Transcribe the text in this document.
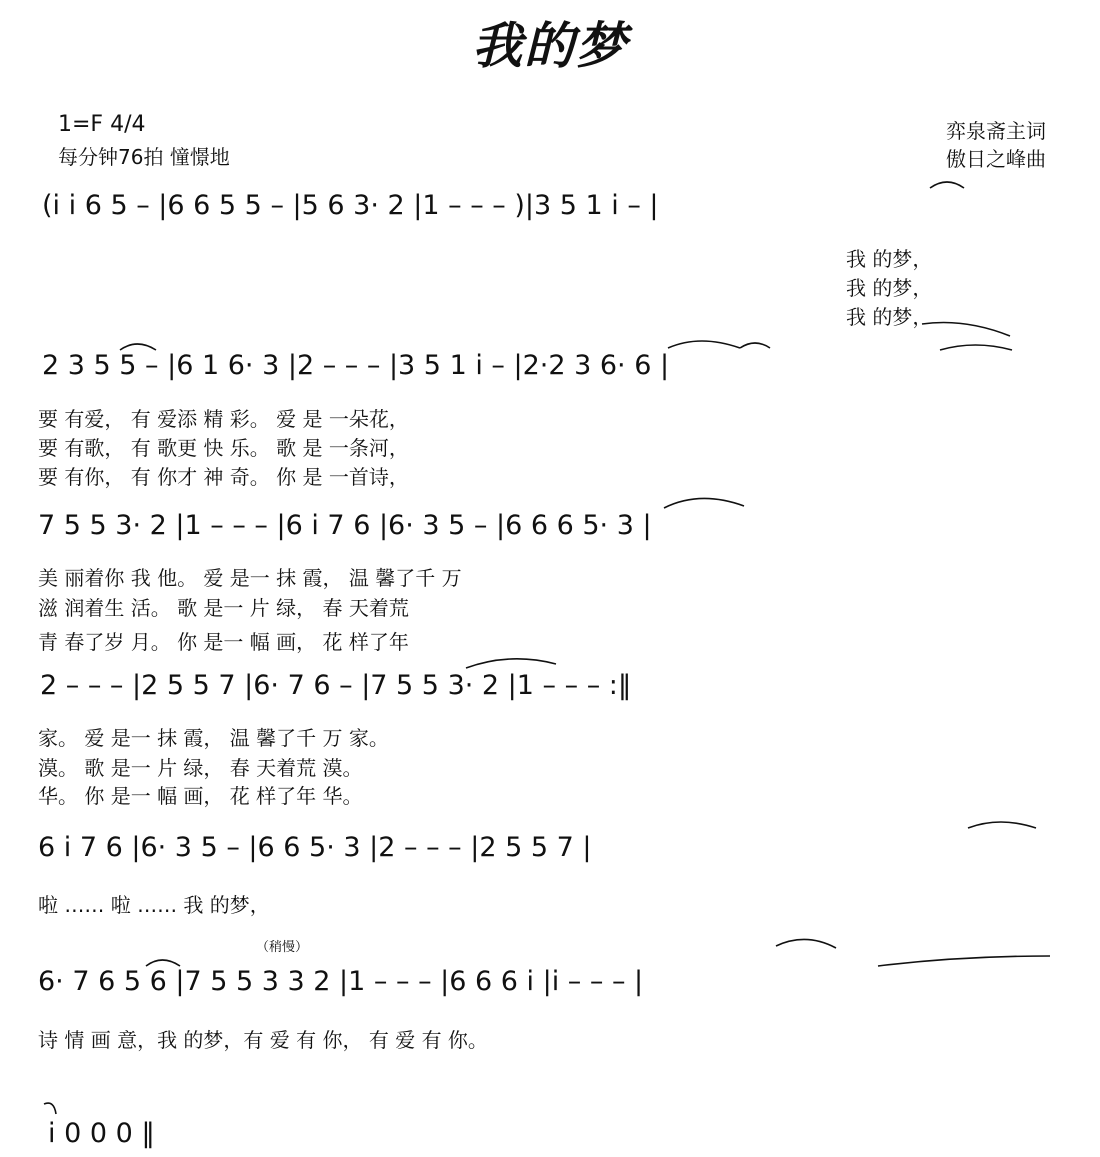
我的梦
1=F 4/4
每分钟76拍 憧憬地
弈泉斋主词
傲日之峰曲
(i i 6 5 – |6 6 5 5 – |5 6 3· 2 |1 – – – )|3 5 1 i – |
我 的梦，
我 的梦，
我 的梦，
2 3 5 5 – |6 1 6· 3 |2 – – – |3 5 1 i – |2·2 3 6· 6 |
要 有爱， 有 爱添 精 彩。 爱 是 一朵花，
要 有歌， 有 歌更 快 乐。 歌 是 一条河，
要 有你， 有 你才 神 奇。 你 是 一首诗，
7 5 5 3· 2 |1 – – – |6 i 7 6 |6· 3 5 – |6 6 6 5· 3 |
美 丽着你 我 他。 爱 是一 抹 霞， 温 馨了千 万
滋 润着生 活。 歌 是一 片 绿， 春 天着荒
青 春了岁 月。 你 是一 幅 画， 花 样了年
2 – – – |2 5 5 7 |6· 7 6 – |7 5 5 3· 2 |1 – – – :‖
家。 爱 是一 抹 霞， 温 馨了千 万 家。
漠。 歌 是一 片 绿， 春 天着荒 漠。
华。 你 是一 幅 画， 花 样了年 华。
6 i 7 6 |6· 3 5 – |6 6 5· 3 |2 – – – |2 5 5 7 |
啦 …… 啦 …… 我 的梦，
（稍慢）
6· 7 6 5 6 |7 5 5 3 3 2 |1 – – – |6 6 6 i |i – – – |
诗 情 画 意，我 的梦，有 爱 有 你， 有 爱 有 你。
i 0 0 0 ‖
